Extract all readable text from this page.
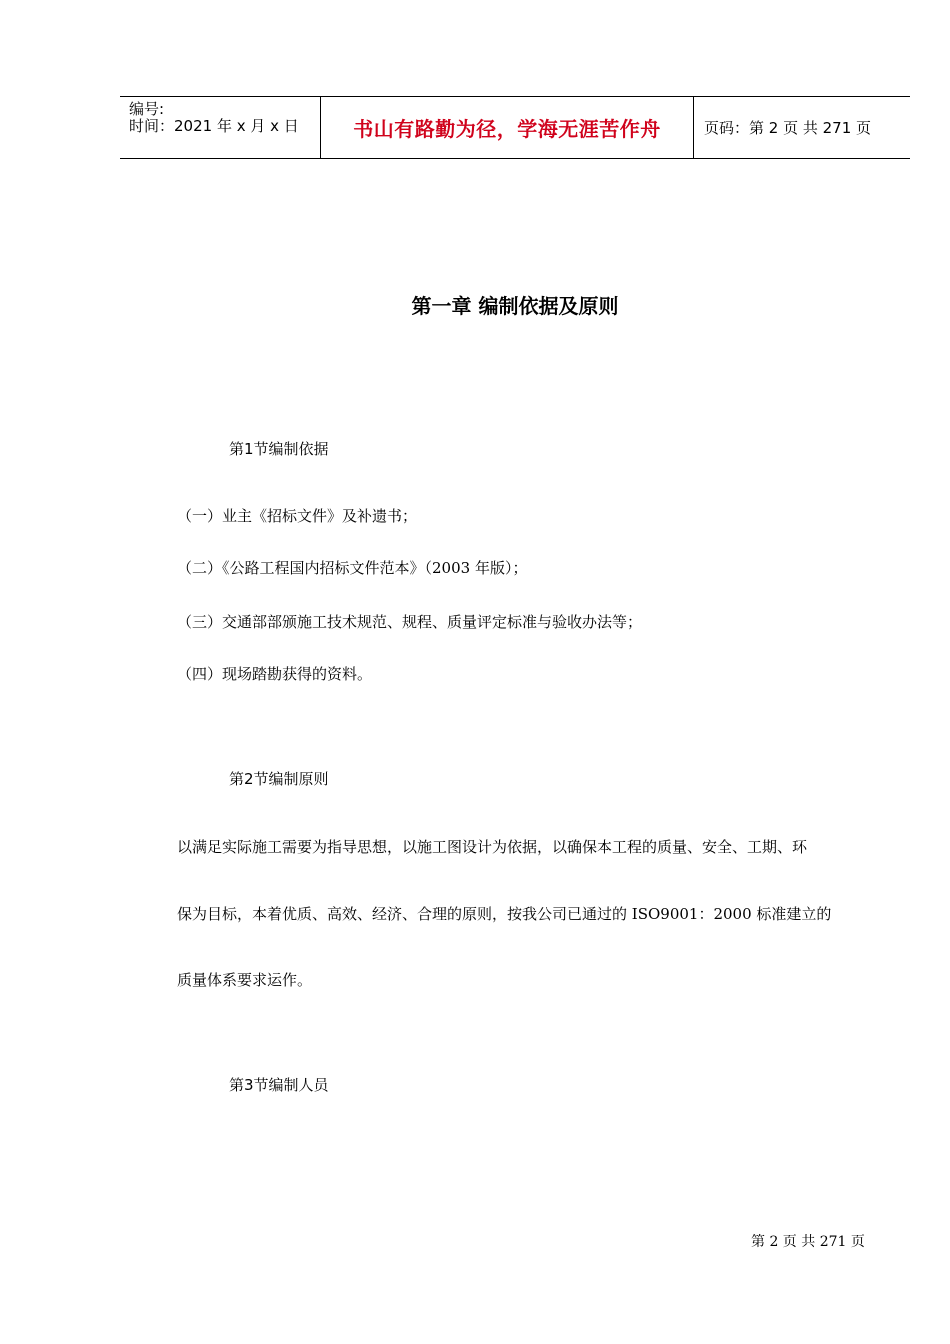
编号:
时间：2021 年 x 月 x 日	书山有路勤为径，学海无涯苦作舟	页码：第 2 页 共 271 页
第一章 编制依据及原则
第1节编制依据
（一）业主《招标文件》及补遗书；
（二）《公路工程国内招标文件范本》（2003 年版）；
（三）交通部部颁施工技术规范、规程、质量评定标准与验收办法等；
（四）现场踏勘获得的资料。
第2节编制原则
以满足实际施工需要为指导思想，以施工图设计为依据，以确保本工程的质量、安全、工期、环
保为目标，本着优质、高效、经济、合理的原则，按我公司已通过的 ISO9001：2000 标准建立的
质量体系要求运作。
第3节编制人员
第 2 页 共 271 页
